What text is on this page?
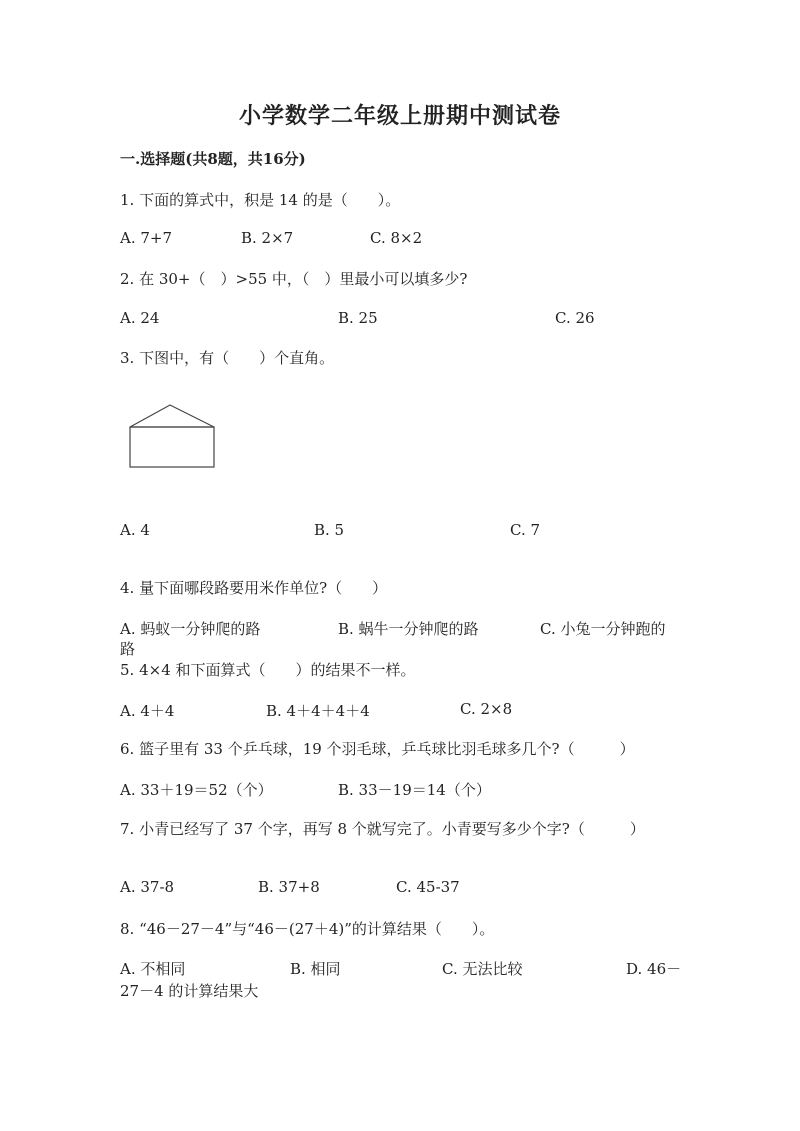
小学数学二年级上册期中测试卷
一.选择题(共8题，共16分)
1. 下面的算式中，积是 14 的是（　　）。
A. 7+7	B. 2×7	C. 8×2
2. 在 30+（　）>55 中，（　）里最小可以填多少?
A. 24	B. 25	C. 26
3. 下图中，有（　　）个直角。
A. 4	B. 5	C. 7
4. 量下面哪段路要用米作单位?（　　）
A. 蚂蚁一分钟爬的路	B. 蜗牛一分钟爬的路	C. 小兔一分钟跑的
路
5. 4×4 和下面算式（　　）的结果不一样。
A. 4＋4	B. 4＋4＋4＋4	C. 2×8
6. 篮子里有 33 个乒乓球，19 个羽毛球，乒乓球比羽毛球多几个?（　　　）
A. 33＋19＝52（个）	B. 33－19＝14（个）
7. 小青已经写了 37 个字，再写 8 个就写完了。小青要写多少个字?（　　　）
A. 37-8	B. 37+8	C. 45-37
8. “46－27－4”与“46－(27＋4)”的计算结果（　　）。
A. 不相同	B. 相同	C. 无法比较	D. 46－
27－4 的计算结果大
